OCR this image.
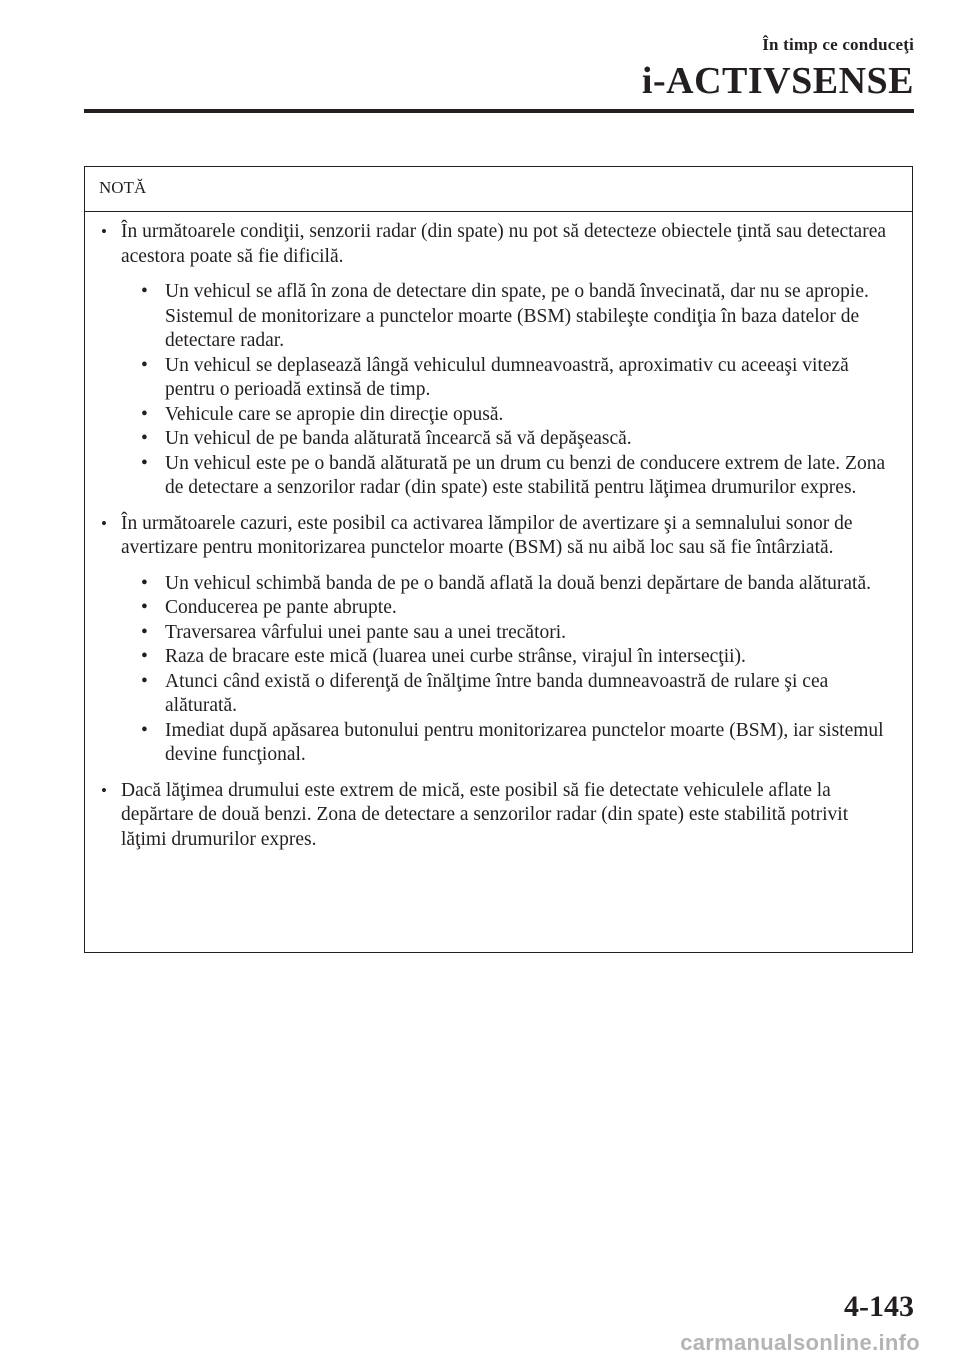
În timp ce conduceţi
i-ACTIVSENSE
NOTĂ
• În următoarele condiţii, senzorii radar (din spate) nu pot să detecteze obiectele ţintă sau detectarea acestora poate să fie dificilă.
• Un vehicul se află în zona de detectare din spate, pe o bandă învecinată, dar nu se apropie. Sistemul de monitorizare a punctelor moarte (BSM) stabileşte condiţia în baza datelor de detectare radar.
• Un vehicul se deplasează lângă vehiculul dumneavoastră, aproximativ cu aceeaşi viteză pentru o perioadă extinsă de timp.
• Vehicule care se apropie din direcţie opusă.
• Un vehicul de pe banda alăturată încearcă să vă depăşească.
• Un vehicul este pe o bandă alăturată pe un drum cu benzi de conducere extrem de late. Zona de detectare a senzorilor radar (din spate) este stabilită pentru lăţimea drumurilor expres.
• În următoarele cazuri, este posibil ca activarea lămpilor de avertizare şi a semnalului sonor de avertizare pentru monitorizarea punctelor moarte (BSM) să nu aibă loc sau să fie întârziată.
• Un vehicul schimbă banda de pe o bandă aflată la două benzi depărtare de banda alăturată.
• Conducerea pe pante abrupte.
• Traversarea vârfului unei pante sau a unei trecători.
• Raza de bracare este mică (luarea unei curbe strânse, virajul în intersecţii).
• Atunci când există o diferenţă de înălţime între banda dumneavoastră de rulare şi cea alăturată.
• Imediat după apăsarea butonului pentru monitorizarea punctelor moarte (BSM), iar sistemul devine funcţional.
• Dacă lăţimea drumului este extrem de mică, este posibil să fie detectate vehiculele aflate la depărtare de două benzi. Zona de detectare a senzorilor radar (din spate) este stabilită potrivit lăţimi drumurilor expres.
4-143
carmanualsonline.info
